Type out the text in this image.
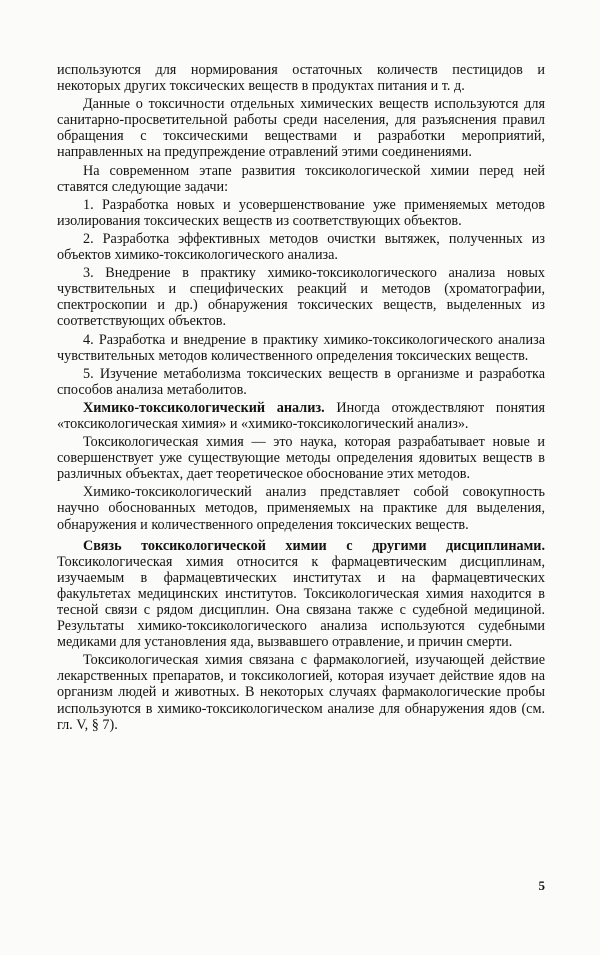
используются для нормирования остаточных количеств пестицидов и некоторых других токсических веществ в продуктах питания и т. д.

Данные о токсичности отдельных химических веществ используются для санитарно-просветительной работы среди населения, для разъяснения правил обращения с токсическими веществами и разработки мероприятий, направленных на предупреждение отравлений этими соединениями.

На современном этапе развития токсикологической химии перед ней ставятся следующие задачи:

1. Разработка новых и усовершенствование уже применяемых методов изолирования токсических веществ из соответствующих объектов.

2. Разработка эффективных методов очистки вытяжек, полученных из объектов химико-токсикологического анализа.

3. Внедрение в практику химико-токсикологического анализа новых чувствительных и специфических реакций и методов (хроматографии, спектроскопии и др.) обнаружения токсических веществ, выделенных из соответствующих объектов.

4. Разработка и внедрение в практику химико-токсикологического анализа чувствительных методов количественного определения токсических веществ.

5. Изучение метаболизма токсических веществ в организме и разработка способов анализа метаболитов.

Химико-токсикологический анализ. Иногда отождествляют понятия «токсикологическая химия» и «химико-токсикологический анализ».

Токсикологическая химия — это наука, которая разрабатывает новые и совершенствует уже существующие методы определения ядовитых веществ в различных объектах, дает теоретическое обоснование этих методов.

Химико-токсикологический анализ представляет собой совокупность научно обоснованных методов, применяемых на практике для выделения, обнаружения и количественного определения токсических веществ.

Связь токсикологической химии с другими дисциплинами. Токсикологическая химия относится к фармацевтическим дисциплинам, изучаемым в фармацевтических институтах и на фармацевтических факультетах медицинских институтов. Токсикологическая химия находится в тесной связи с рядом дисциплин. Она связана также с судебной медициной. Результаты химико-токсикологического анализа используются судебными медиками для установления яда, вызвавшего отравление, и причин смерти.

Токсикологическая химия связана с фармакологией, изучающей действие лекарственных препаратов, и токсикологией, которая изучает действие ядов на организм людей и животных. В некоторых случаях фармакологические пробы используются в химико-токсикологическом анализе для обнаружения ядов (см. гл. V, § 7).

5
